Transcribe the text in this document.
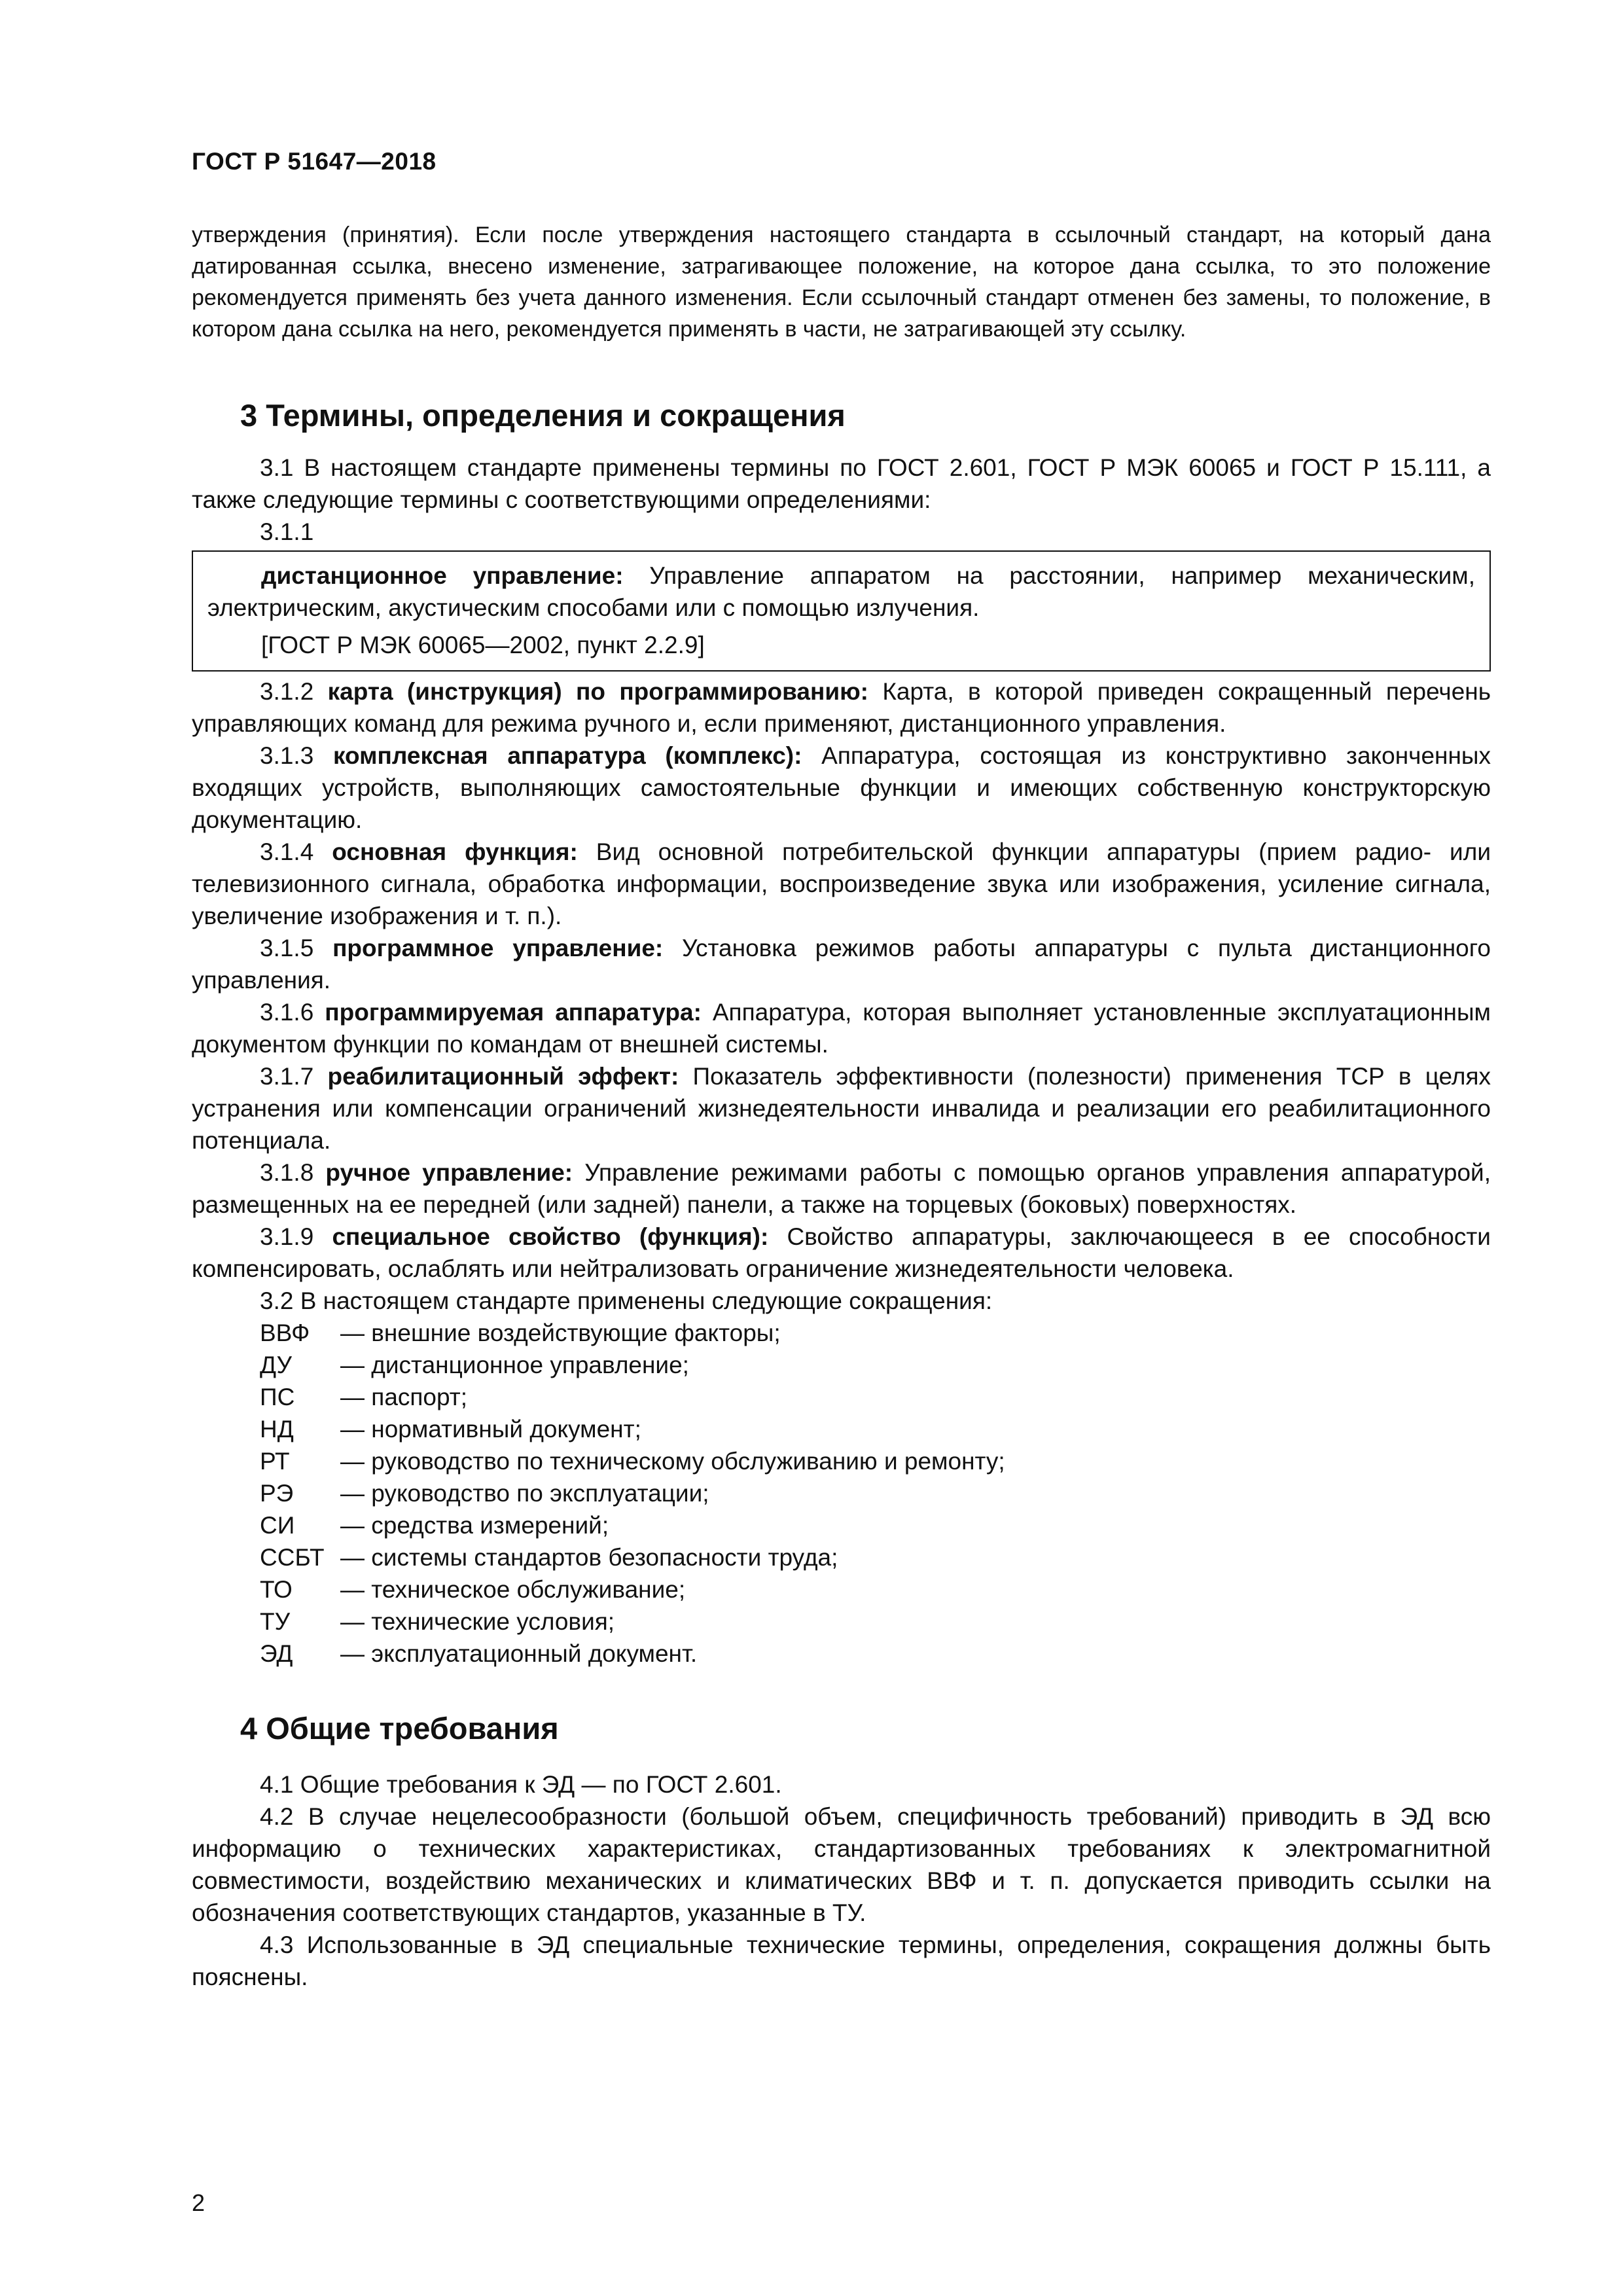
ГОСТ Р 51647—2018

утверждения (принятия). Если после утверждения настоящего стандарта в ссылочный стандарт, на который дана датированная ссылка, внесено изменение, затрагивающее положение, на которое дана ссылка, то это положение рекомендуется применять без учета данного изменения. Если ссылочный стандарт отменен без замены, то положение, в котором дана ссылка на него, рекомендуется применять в части, не затрагивающей эту ссылку.

3 Термины, определения и сокращения

3.1 В настоящем стандарте применены термины по ГОСТ 2.601, ГОСТ Р МЭК 60065 и ГОСТ Р 15.111, а также следующие термины с соответствующими определениями:

3.1.1

дистанционное управление: Управление аппаратом на расстоянии, например механическим, электрическим, акустическим способами или с помощью излучения.

[ГОСТ Р МЭК 60065—2002, пункт 2.2.9]

3.1.2 карта (инструкция) по программированию: Карта, в которой приведен сокращенный перечень управляющих команд для режима ручного и, если применяют, дистанционного управления.

3.1.3 комплексная аппаратура (комплекс): Аппаратура, состоящая из конструктивно законченных входящих устройств, выполняющих самостоятельные функции и имеющих собственную конструкторскую документацию.

3.1.4 основная функция: Вид основной потребительской функции аппаратуры (прием радио- или телевизионного сигнала, обработка информации, воспроизведение звука или изображения, усиление сигнала, увеличение изображения и т. п.).

3.1.5 программное управление: Установка режимов работы аппаратуры с пульта дистанционного управления.

3.1.6 программируемая аппаратура: Аппаратура, которая выполняет установленные эксплуатационным документом функции по командам от внешней системы.

3.1.7 реабилитационный эффект: Показатель эффективности (полезности) применения ТСР в целях устранения или компенсации ограничений жизнедеятельности инвалида и реализации его реабилитационного потенциала.

3.1.8 ручное управление: Управление режимами работы с помощью органов управления аппаратурой, размещенных на ее передней (или задней) панели, а также на торцевых (боковых) поверхностях.

3.1.9 специальное свойство (функция): Свойство аппаратуры, заключающееся в ее способности компенсировать, ослаблять или нейтрализовать ограничение жизнедеятельности человека.

3.2 В настоящем стандарте применены следующие сокращения:

ВВФ	— внешние воздействующие факторы;
ДУ	— дистанционное управление;
ПС	— паспорт;
НД	— нормативный документ;
РТ	— руководство по техническому обслуживанию и ремонту;
РЭ	— руководство по эксплуатации;
СИ	— средства измерений;
ССБТ — системы стандартов безопасности труда;
ТО	— техническое обслуживание;
ТУ	— технические условия;
ЭД	— эксплуатационный документ.
4 Общие требования

4.1 Общие требования к ЭД — по ГОСТ 2.601.

4.2 В случае нецелесообразности (большой объем, специфичность требований) приводить в ЭД всю информацию о технических характеристиках, стандартизованных требованиях к электромагнитной совместимости, воздействию механических и климатических ВВФ и т. п. допускается приводить ссылки на обозначения соответствующих стандартов, указанные в ТУ.

4.3 Использованные в ЭД специальные технические термины, определения, сокращения должны быть пояснены.

2
